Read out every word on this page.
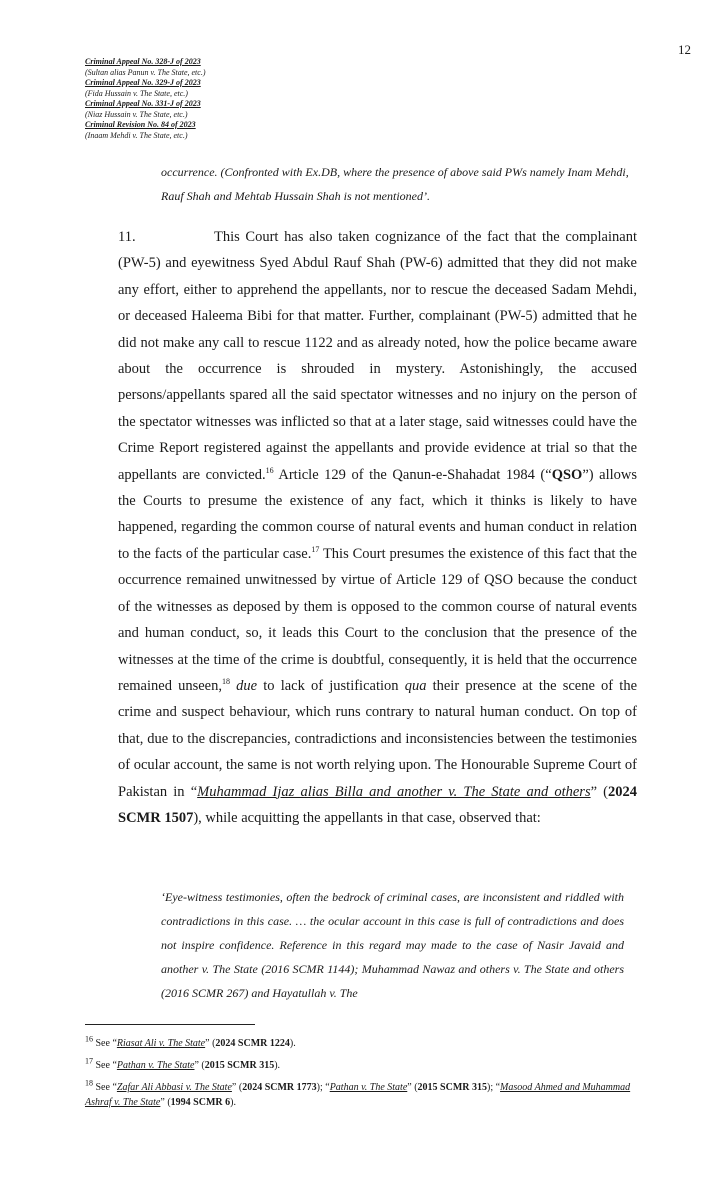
12
Criminal Appeal No. 328-J of 2023
(Sultan alias Panun v. The State, etc.)
Criminal Appeal No. 329-J of 2023
(Fida Hussain v. The State, etc.)
Criminal Appeal No. 331-J of 2023
(Niaz Hussain v. The State, etc.)
Criminal Revision No. 84 of 2023
(Inaam Mehdi v. The State, etc.)
occurrence. (Confronted with Ex.DB, where the presence of above said PWs namely Inam Mehdi, Rauf Shah and Mehtab Hussain Shah is not mentioned’.
11.	This Court has also taken cognizance of the fact that the complainant (PW-5) and eyewitness Syed Abdul Rauf Shah (PW-6) admitted that they did not make any effort, either to apprehend the appellants, nor to rescue the deceased Sadam Mehdi, or deceased Haleema Bibi for that matter. Further, complainant (PW-5) admitted that he did not make any call to rescue 1122 and as already noted, how the police became aware about the occurrence is shrouded in mystery. Astonishingly, the accused persons/appellants spared all the said spectator witnesses and no injury on the person of the spectator witnesses was inflicted so that at a later stage, said witnesses could have the Crime Report registered against the appellants and provide evidence at trial so that the appellants are convicted.$^{16}$ Article 129 of the Qanun-e-Shahadat 1984 (“QSO”) allows the Courts to presume the existence of any fact, which it thinks is likely to have happened, regarding the common course of natural events and human conduct in relation to the facts of the particular case.$^{17}$ This Court presumes the existence of this fact that the occurrence remained unwitnessed by virtue of Article 129 of QSO because the conduct of the witnesses as deposed by them is opposed to the common course of natural events and human conduct, so, it leads this Court to the conclusion that the presence of the witnesses at the time of the crime is doubtful, consequently, it is held that the occurrence remained unseen,$^{18}$ due to lack of justification qua their presence at the scene of the crime and suspect behaviour, which runs contrary to natural human conduct. On top of that, due to the discrepancies, contradictions and inconsistencies between the testimonies of ocular account, the same is not worth relying upon. The Honourable Supreme Court of Pakistan in “Muhammad Ijaz alias Billa and another v. The State and others” (2024 SCMR 1507), while acquitting the appellants in that case, observed that:
‘Eye-witness testimonies, often the bedrock of criminal cases, are inconsistent and riddled with contradictions in this case. … the ocular account in this case is full of contradictions and does not inspire confidence. Reference in this regard may made to the case of Nasir Javaid and another v. The State (2016 SCMR 1144); Muhammad Nawaz and others v. The State and others (2016 SCMR 267) and Hayatullah v. The
$^{16}$ See “Riasat Ali v. The State” (2024 SCMR 1224).
$^{17}$ See “Pathan v. The State” (2015 SCMR 315).
$^{18}$ See “Zafar Ali Abbasi v. The State” (2024 SCMR 1773); “Pathan v. The State” (2015 SCMR 315); “Masood Ahmed and Muhammad Ashraf v. The State” (1994 SCMR 6).
